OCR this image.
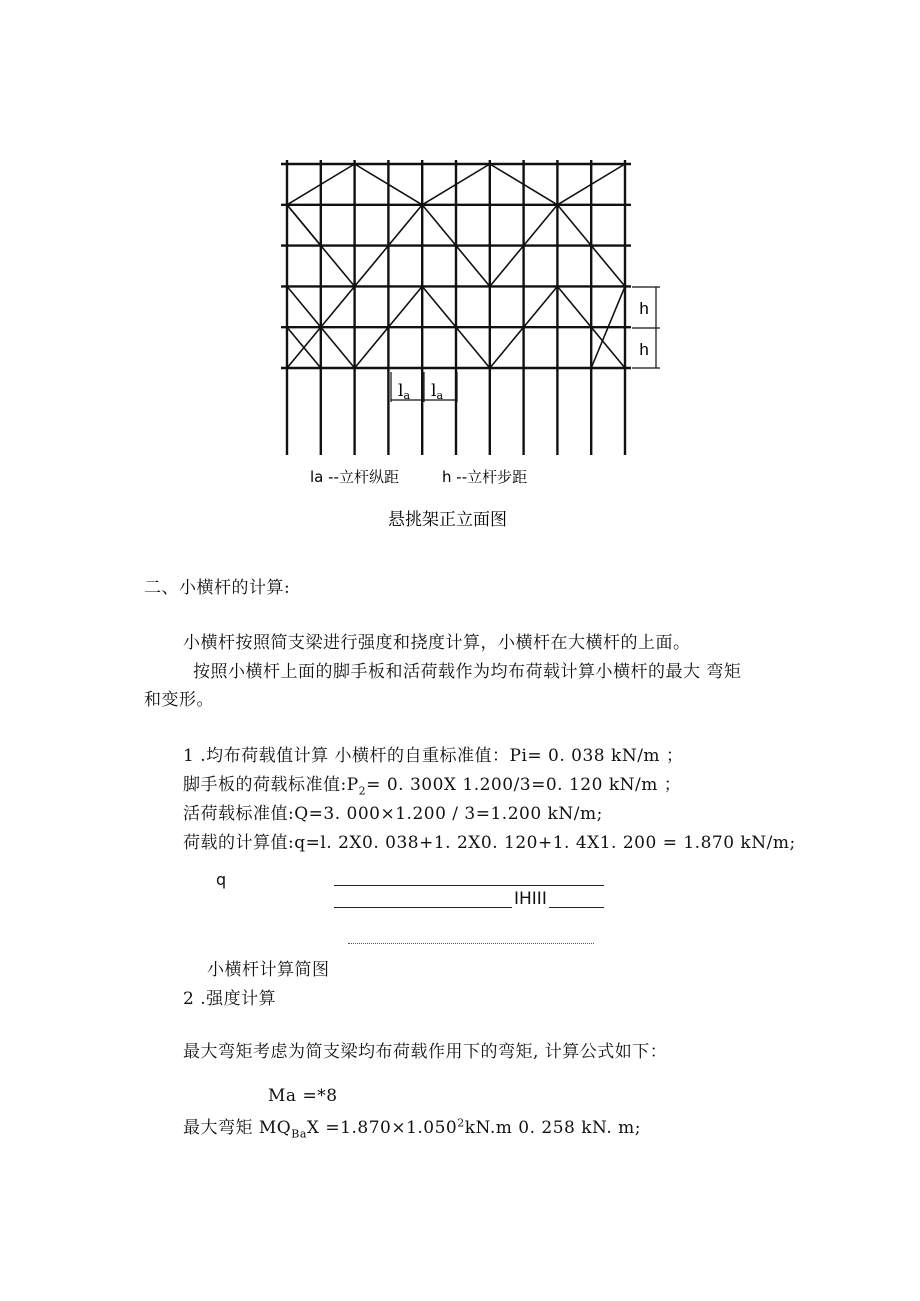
h
h
la la
la --立杆纵距	h --立杆步距
悬挑架正立面图
二、小横杆的计算:
小横杆按照简支梁进行强度和挠度计算，小横杆在大横杆的上面。
按照小横杆上面的脚手板和活荷载作为均布荷载计算小横杆的最大 弯矩
和变形。
1 .均布荷载值计算 小横杆的自重标准值：Pi= 0. 038 kN/m ；
脚手板的荷载标准值$:P_2= 0$. 300X 1.200/3=0. 120 kN/m ；
活荷载标准值:Q=3. 000×1.200 / 3=1.200 kN/m;
荷载的计算值:q=l. 2X0. 038+1. 2X0. 120+1. 4X1. 200 = 1.870 kN/m;
q
IHIII
小横杆计算简图
2 .强度计算
最大弯矩考虑为简支梁均布荷载作用下的弯矩, 计算公式如下：
Ma =*8
最大弯矩 $MQ_{Ba}X =1.870\times 1.050^2kN.m$ 0. 258 kN. m;
